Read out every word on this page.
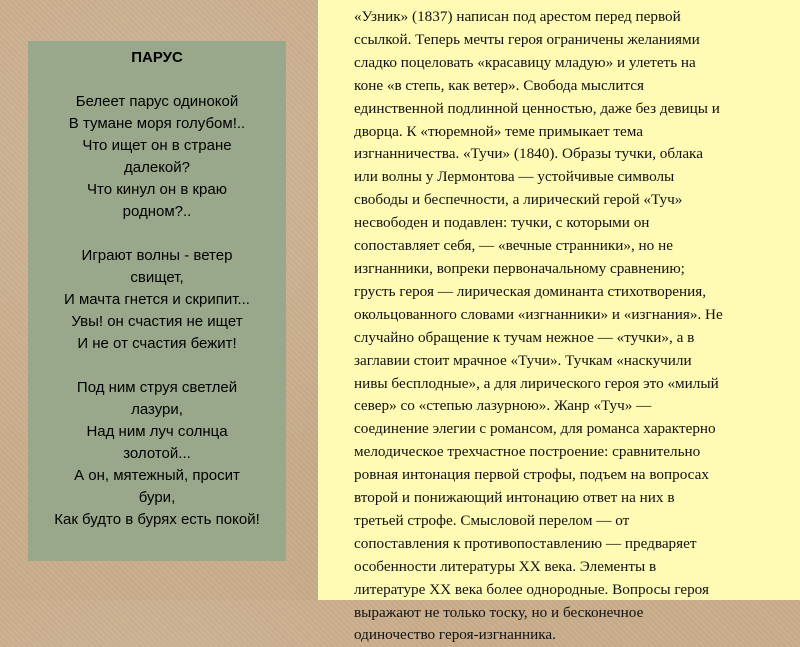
ПАРУС
Белеет парус одинокой
В тумане моря голубом!..
Что ищет он в стране
далекой?
Что кинул он в краю
родном?..
Играют волны - ветер
свищет,
И мачта гнется и скрипит...
Увы! он счастия не ищет
И не от счастия бежит!
Под ним струя светлей
лазури,
Над ним луч солнца
золотой...
А он, мятежный, просит
бури,
Как будто в бурях есть покой!

«Узник» (1837) написан под арестом перед первой
ссылкой. Теперь мечты героя ограничены желаниями
сладко поцеловать «красавицу младую» и улететь на
коне «в степь, как ветер». Свобода мыслится
единственной подлинной ценностью, даже без девицы и
дворца. К «тюремной» теме примыкает тема
изгнанничества. «Тучи» (1840). Образы тучки, облака
или волны у Лермонтова — устойчивые символы
свободы и беспечности, а лирический герой «Туч»
несвободен и подавлен: тучки, с которыми он
сопоставляет себя, — «вечные странники», но не
изгнанники, вопреки первоначальному сравнению;
грусть героя — лирическая доминанта стихотворения,
окольцованного словами «изгнанники» и «изгнания». Не
случайно обращение к тучам нежное — «тучки», а в
заглавии стоит мрачное «Тучи». Тучкам «наскучили
нивы бесплодные», а для лирического героя это «милый
север» со «степью лазурною». Жанр «Туч» —
соединение элегии с романсом, для романса характерно
мелодическое трехчастное построение: сравнительно
ровная интонация первой строфы, подъем на вопросах
второй и понижающий интонацию ответ на них в
третьей строфе. Смысловой перелом — от
сопоставления к противопоставлению — предваряет
особенности литературы ХХ века. Элементы в
литературе ХХ века более однородные. Вопросы героя
выражают не только тоску, но и бесконечное
одиночество героя-изгнанника.
